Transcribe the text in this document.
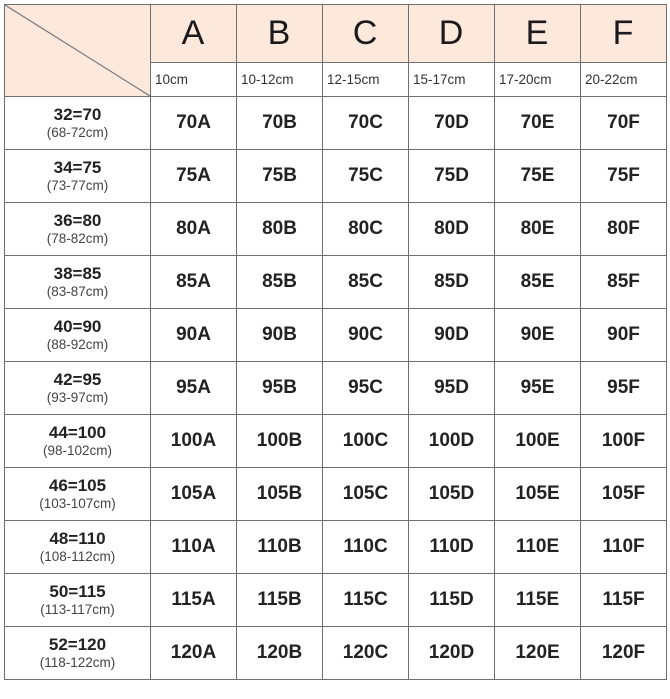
	A	B	C	D	E	F
	10cm	10-12cm	12-15cm	15-17cm	17-20cm	20-22cm

32=70
(68-72cm)	70A	70B	70C	70D	70E	70F

34=75
(73-77cm)	75A	75B	75C	75D	75E	75F

36=80
(78-82cm)	80A	80B	80C	80D	80E	80F

38=85
(83-87cm)	85A	85B	85C	85D	85E	85F

40=90
(88-92cm)	90A	90B	90C	90D	90E	90F

42=95
(93-97cm)	95A	95B	95C	95D	95E	95F

44=100
(98-102cm)	100A	100B	100C	100D	100E	100F

46=105
(103-107cm)	105A	105B	105C	105D	105E	105F

48=110
(108-112cm)	110A	110B	110C	110D	110E	110F

50=115
(113-117cm)	115A	115B	115C	115D	115E	115F

52=120
(118-122cm)	120A	120B	120C	120D	120E	120F
